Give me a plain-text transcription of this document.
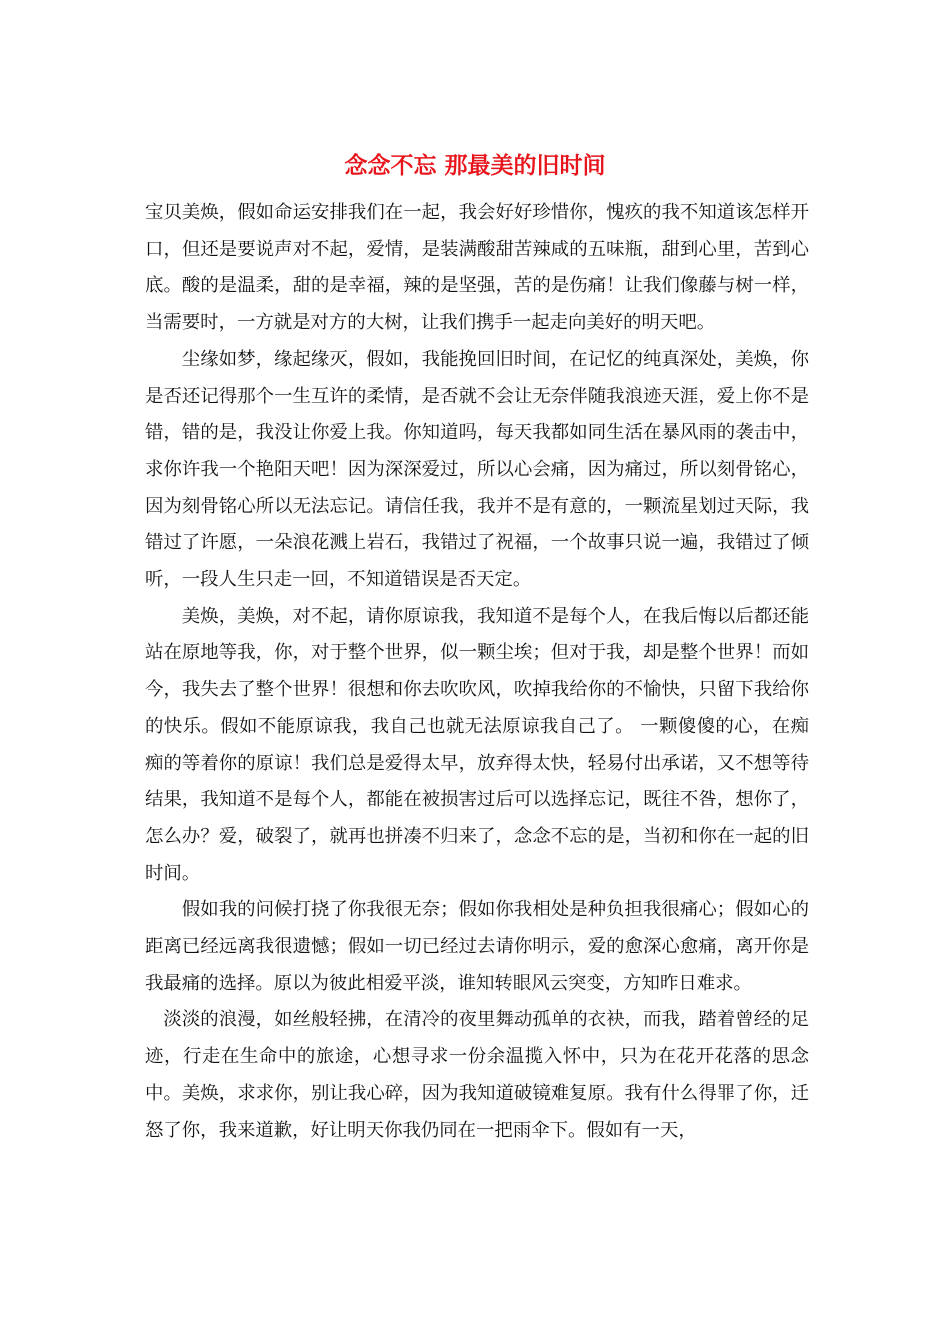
念念不忘 那最美的旧时间

宝贝美焕，假如命运安排我们在一起，我会好好珍惜你，愧疚的我不知道该怎样开口，但还是要说声对不起，爱情，是装满酸甜苦辣咸的五味瓶，甜到心里，苦到心底。酸的是温柔，甜的是幸福，辣的是坚强，苦的是伤痛！让我们像藤与树一样，当需要时，一方就是对方的大树，让我们携手一起走向美好的明天吧。

尘缘如梦，缘起缘灭，假如，我能挽回旧时间，在记忆的纯真深处，美焕，你是否还记得那个一生互许的柔情，是否就不会让无奈伴随我浪迹天涯，爱上你不是错，错的是，我没让你爱上我。你知道吗，每天我都如同生活在暴风雨的袭击中，求你许我一个艳阳天吧！因为深深爱过，所以心会痛，因为痛过，所以刻骨铭心，因为刻骨铭心所以无法忘记。请信任我，我并不是有意的，一颗流星划过天际，我错过了许愿，一朵浪花溅上岩石，我错过了祝福，一个故事只说一遍，我错过了倾听，一段人生只走一回，不知道错误是否天定。

美焕，美焕，对不起，请你原谅我，我知道不是每个人，在我后悔以后都还能站在原地等我，你，对于整个世界，似一颗尘埃；但对于我，却是整个世界！而如今，我失去了整个世界！很想和你去吹吹风，吹掉我给你的不愉快，只留下我给你的快乐。假如不能原谅我，我自己也就无法原谅我自己了。 一颗傻傻的心，在痴痴的等着你的原谅！我们总是爱得太早，放弃得太快，轻易付出承诺，又不想等待结果，我知道不是每个人，都能在被损害过后可以选择忘记，既往不咎，想你了，怎么办？爱，破裂了，就再也拼凑不归来了，念念不忘的是，当初和你在一起的旧时间。

假如我的问候打挠了你我很无奈；假如你我相处是种负担我很痛心；假如心的距离已经远离我很遗憾；假如一切已经过去请你明示，爱的愈深心愈痛，离开你是我最痛的选择。原以为彼此相爱平淡，谁知转眼风云突变，方知昨日难求。

淡淡的浪漫，如丝般轻拂，在清冷的夜里舞动孤单的衣袂，而我，踏着曾经的足迹，行走在生命中的旅途，心想寻求一份余温揽入怀中，只为在花开花落的思念中。美焕，求求你，别让我心碎，因为我知道破镜难复原。我有什么得罪了你，迁怒了你，我来道歉，好让明天你我仍同在一把雨伞下。假如有一天，
